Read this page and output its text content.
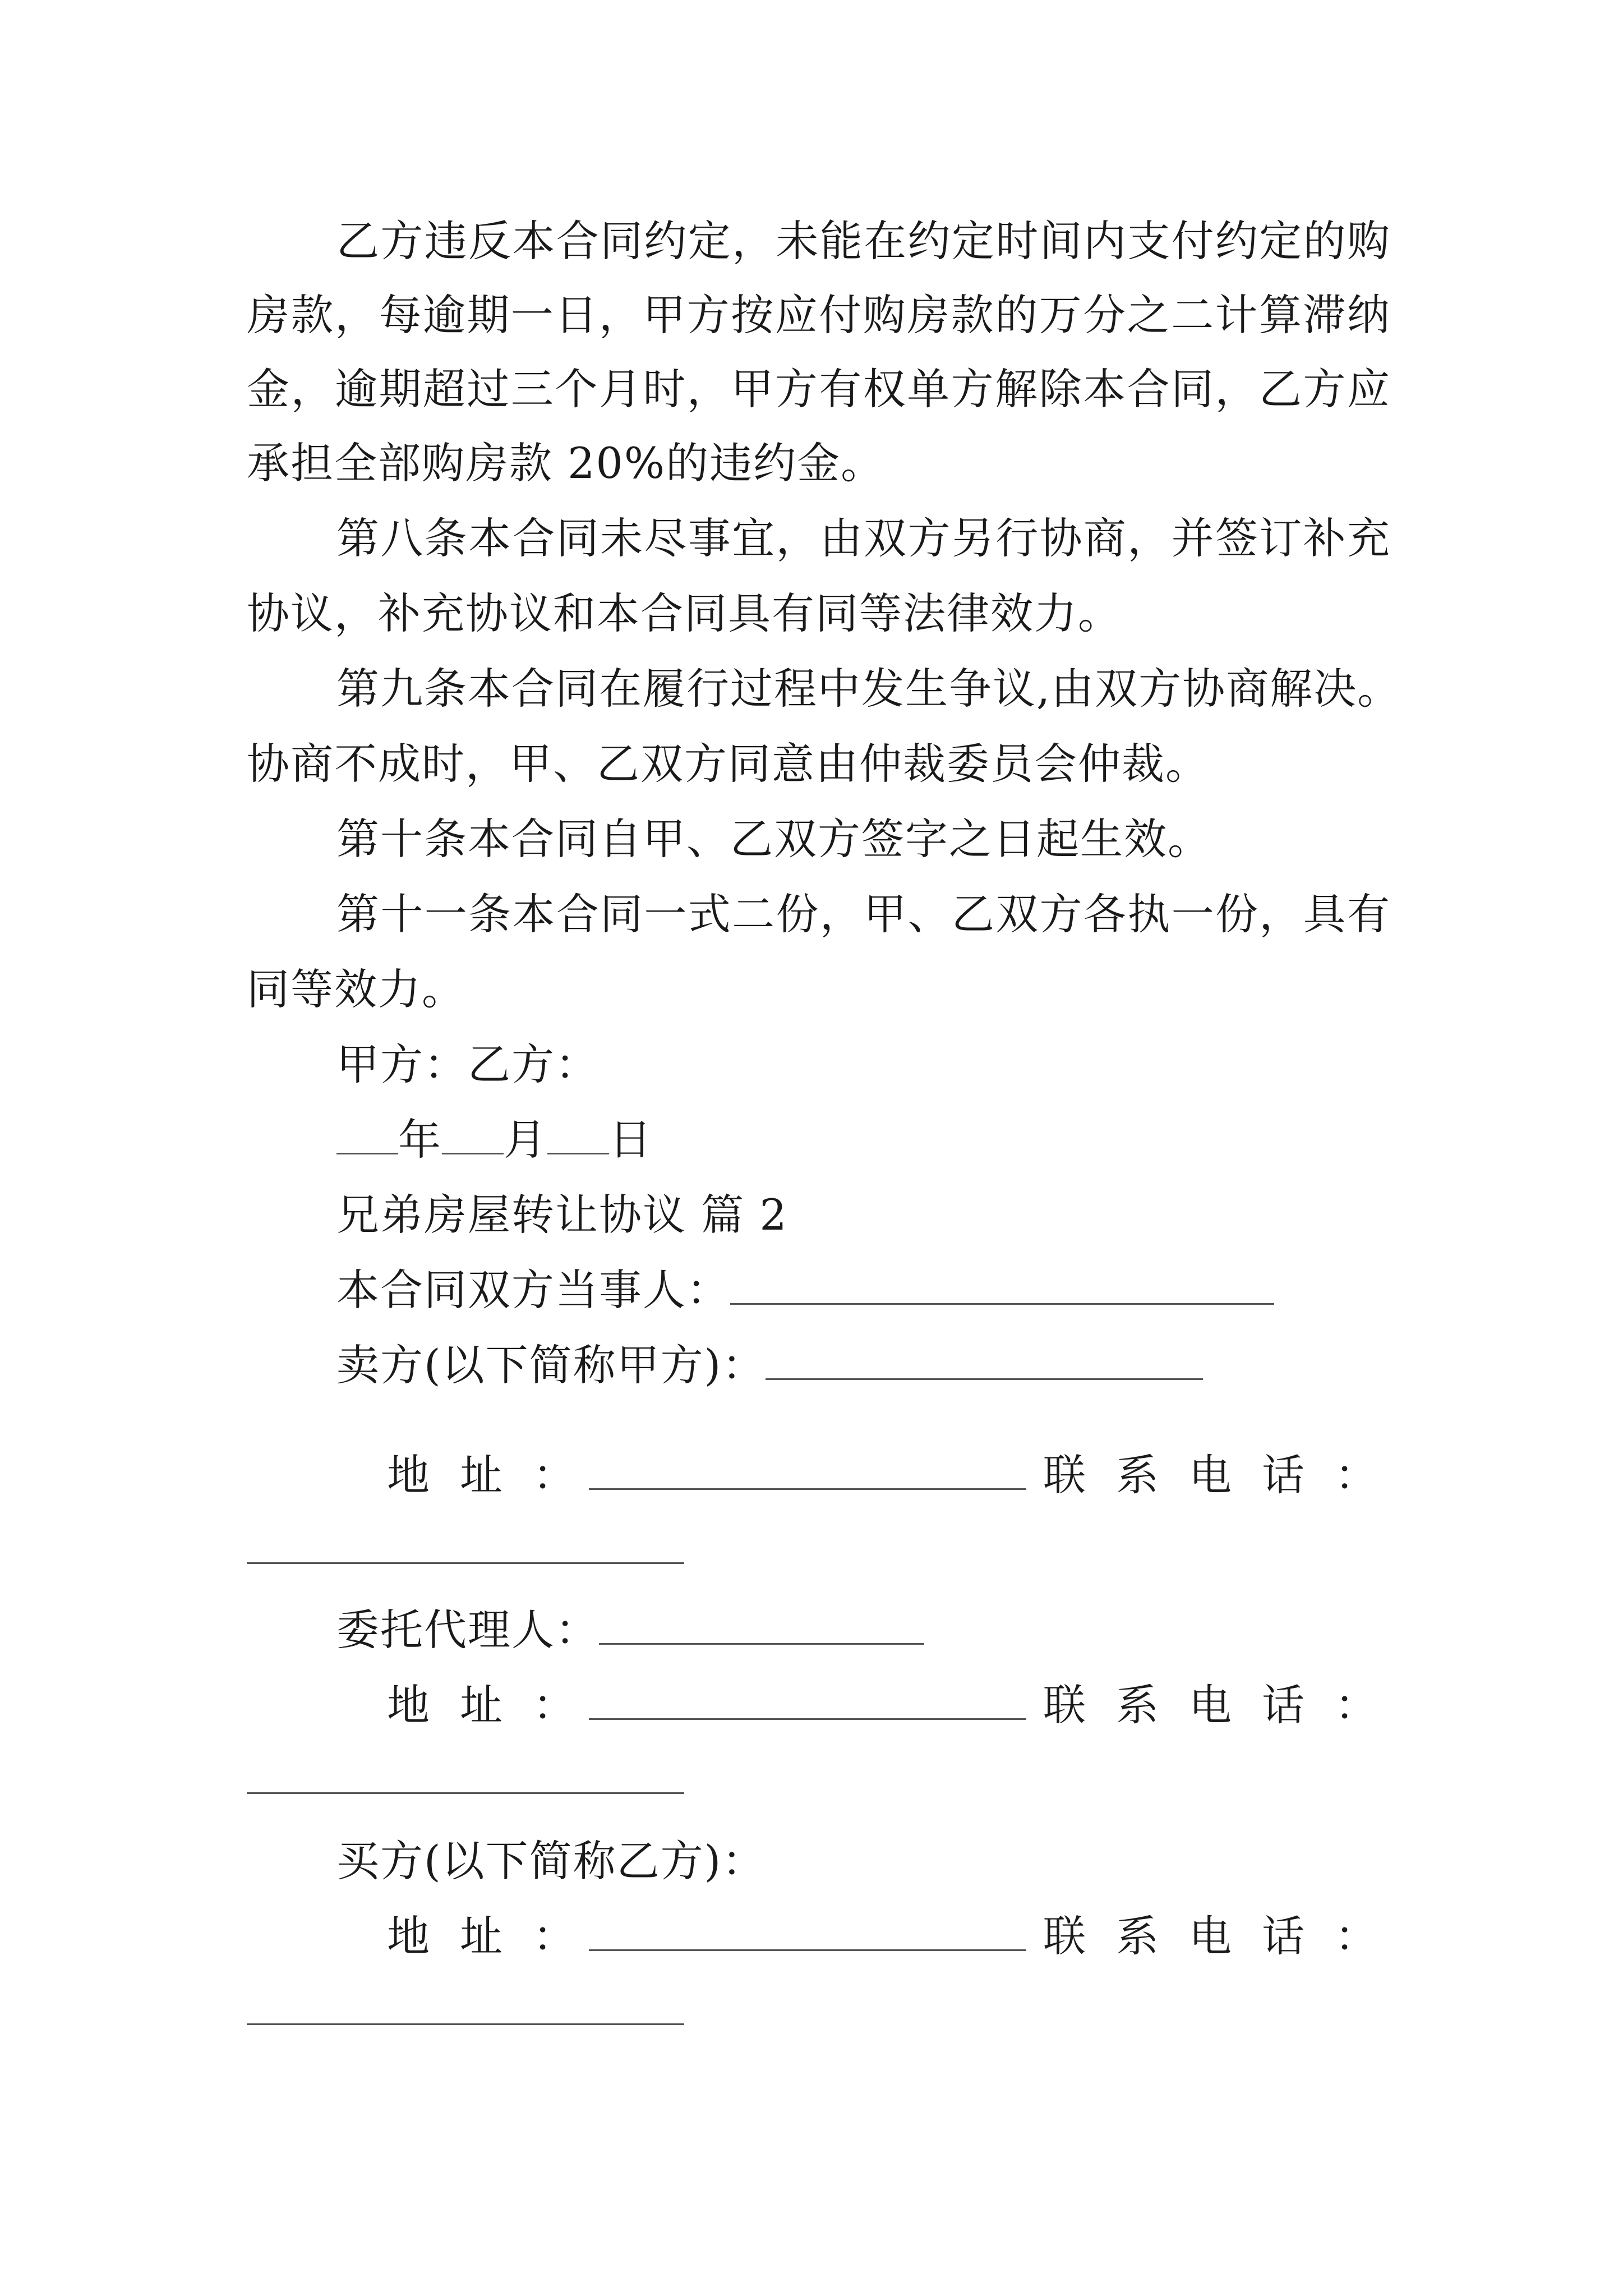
乙方违反本合同约定，未能在约定时间内支付约定的购
房款，每逾期一日，甲方按应付购房款的万分之二计算滞纳
金，逾期超过三个月时，甲方有权单方解除本合同，乙方应
承担全部购房款 20%的违约金。
第八条本合同未尽事宜，由双方另行协商，并签订补充
协议，补充协议和本合同具有同等法律效力。
第九条本合同在履行过程中发生争议,由双方协商解决。
协商不成时，甲、乙双方同意由仲裁委员会仲裁。
第十条本合同自甲、乙双方签字之日起生效。
第十一条本合同一式二份，甲、乙双方各执一份，具有
同等效力。
甲方：乙方：
年 月 日
兄弟房屋转让协议 篇 2
本合同双方当事人：
卖方(以下简称甲方)：
地 址 ：	联 系 电 话 ：
委托代理人：
地 址 ：	联 系 电 话 ：
买方(以下简称乙方)：
地 址 ：	联 系 电 话 ：
